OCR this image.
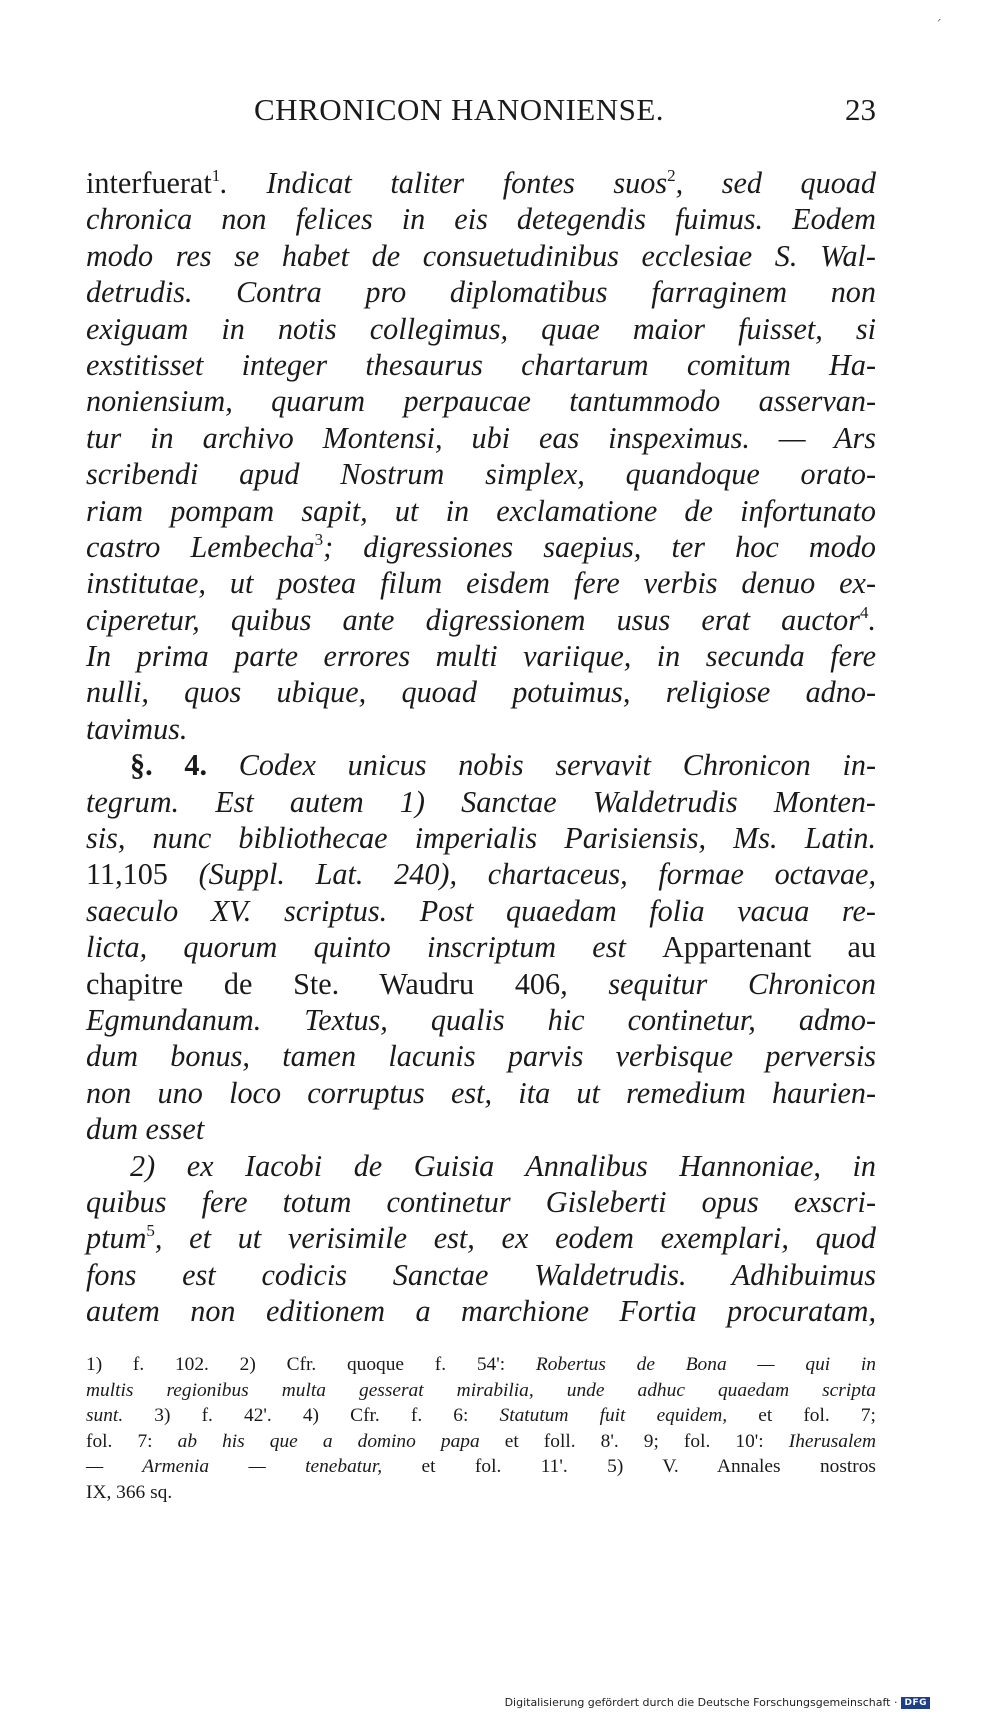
´
CHRONICON HANONIENSE.	23
interfuerat$^1$. Indicat taliter fontes suos$^2$, sed quoad
chronica non felices in eis detegendis fuimus. Eodem
modo res se habet de consuetudinibus ecclesiae S. Wal-
detrudis. Contra pro diplomatibus farraginem non
exiguam in notis collegimus, quae maior fuisset, si
exstitisset integer thesaurus chartarum comitum Ha-
noniensium, quarum perpaucae tantummodo asservan-
tur in archivo Montensi, ubi eas inspeximus. — Ars
scribendi apud Nostrum simplex, quandoque orato-
riam pompam sapit, ut in exclamatione de infortunato
castro Lembecha$^3$; digressiones saepius, ter hoc modo
institutae, ut postea filum eisdem fere verbis denuo ex-
ciperetur, quibus ante digressionem usus erat auctor$^4$.
In prima parte errores multi variique, in secunda fere
nulli, quos ubique, quoad potuimus, religiose adno-
tavimus.
§. 4. Codex unicus nobis servavit Chronicon in-
tegrum. Est autem 1) Sanctae Waldetrudis Monten-
sis, nunc bibliothecae imperialis Parisiensis, Ms. Latin.
11,105 (Suppl. Lat. 240), chartaceus, formae octavae,
saeculo XV. scriptus. Post quaedam folia vacua re-
licta, quorum quinto inscriptum est Appartenant au
chapitre de Ste. Waudru 406, sequitur Chronicon
Egmundanum. Textus, qualis hic continetur, admo-
dum bonus, tamen lacunis parvis verbisque perversis
non uno loco corruptus est, ita ut remedium haurien-
dum esset
2) ex Iacobi de Guisia Annalibus Hannoniae, in
quibus fere totum continetur Gisleberti opus exscri-
ptum$^5$, et ut verisimile est, ex eodem exemplari, quod
fons est codicis Sanctae Waldetrudis. Adhibuimus
autem non editionem a marchione Fortia procuratam,
1) f. 102. 2) Cfr. quoque f. 54': Robertus de Bona — qui in
multis regionibus multa gesserat mirabilia, unde adhuc quaedam scripta
sunt. 3) f. 42'. 4) Cfr. f. 6: Statutum fuit equidem, et fol. 7;
fol. 7: ab his que a domino papa et foll. 8'. 9; fol. 10': Iherusalem
— Armenia — tenebatur, et fol. 11'. 5) V. Annales nostros
IX, 366 sq.
Digitalisierung gefördert durch die Deutsche Forschungsgemeinschaft · DFG
